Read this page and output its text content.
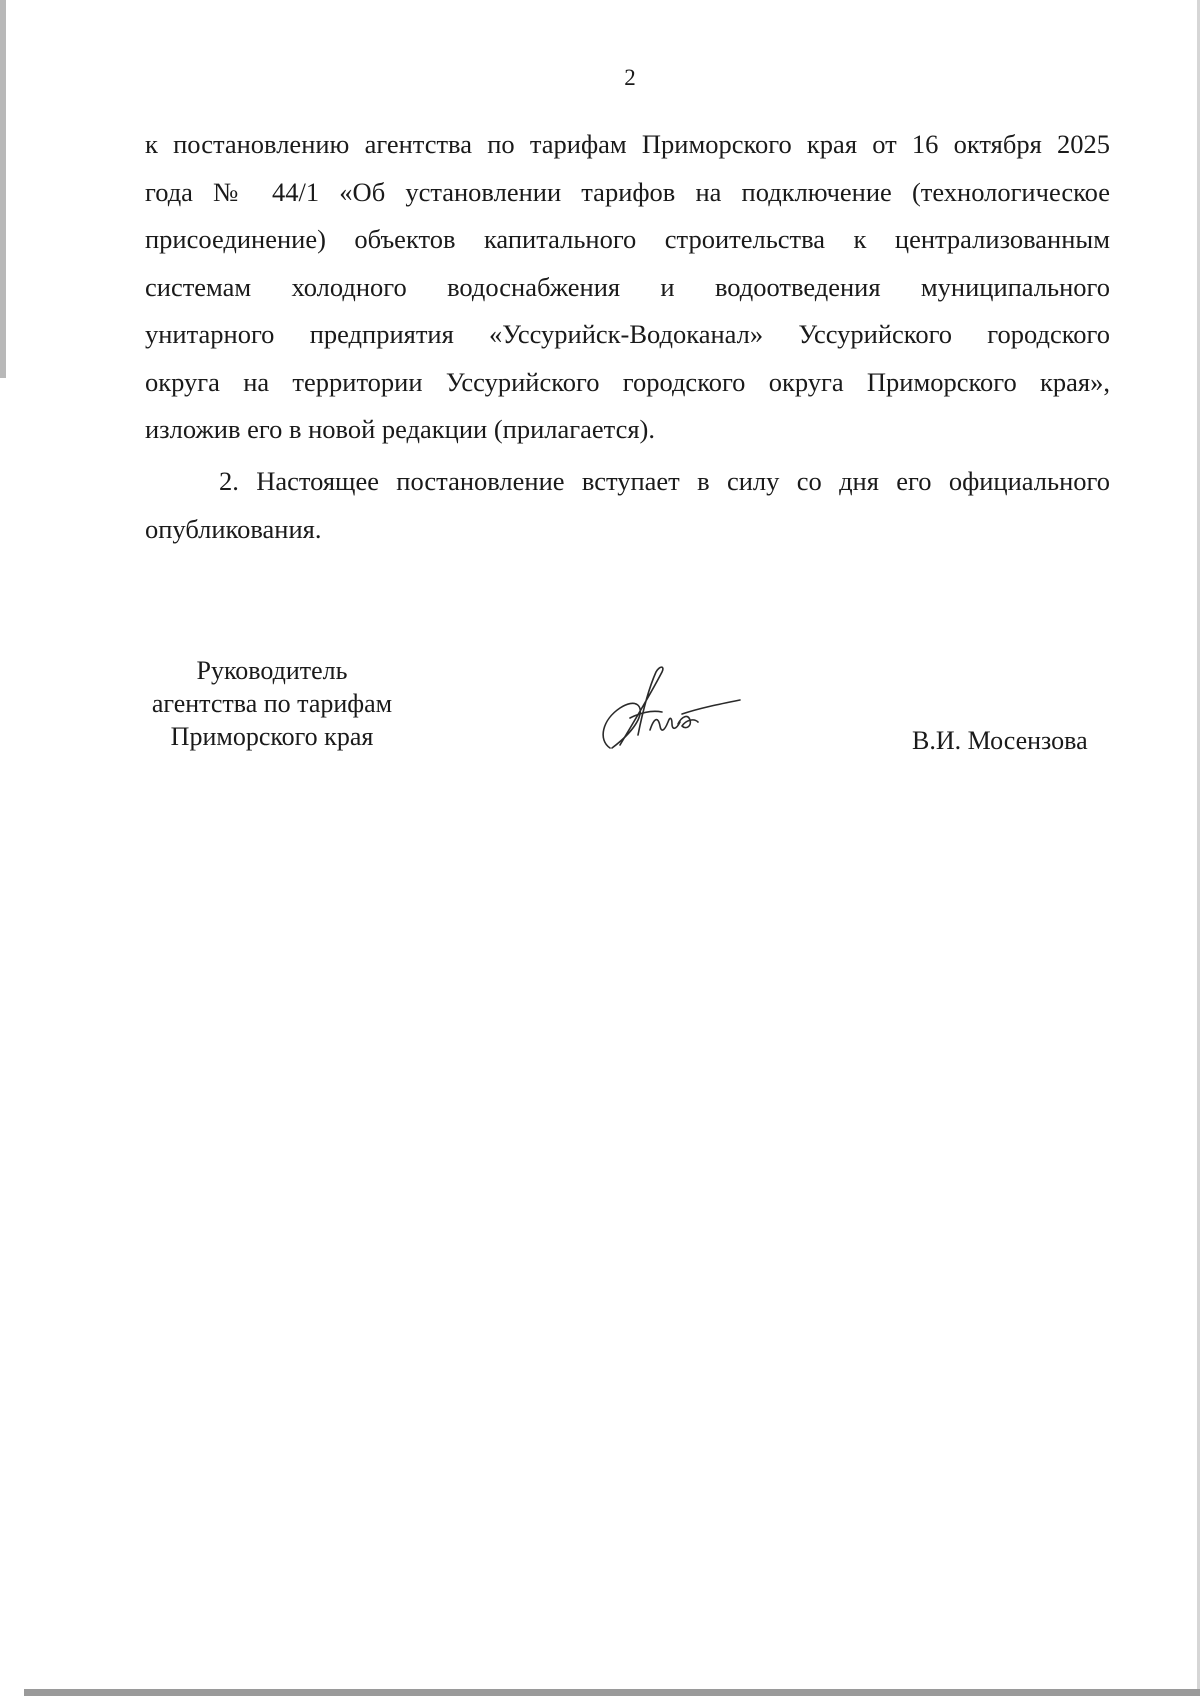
2
к постановлению агентства по тарифам Приморского края от 16 октября 2025
года № 44/1 «Об установлении тарифов на подключение (технологическое
присоединение) объектов капитального строительства к централизованным
системам холодного водоснабжения и водоотведения муниципального
унитарного предприятия «Уссурийск-Водоканал» Уссурийского городского
округа на территории Уссурийского городского округа Приморского края»,
изложив его в новой редакции (прилагается).
2. Настоящее постановление вступает в силу со дня его официального
опубликования.
Руководитель
агентства по тарифам
Приморского края	В.И. Мосензова
